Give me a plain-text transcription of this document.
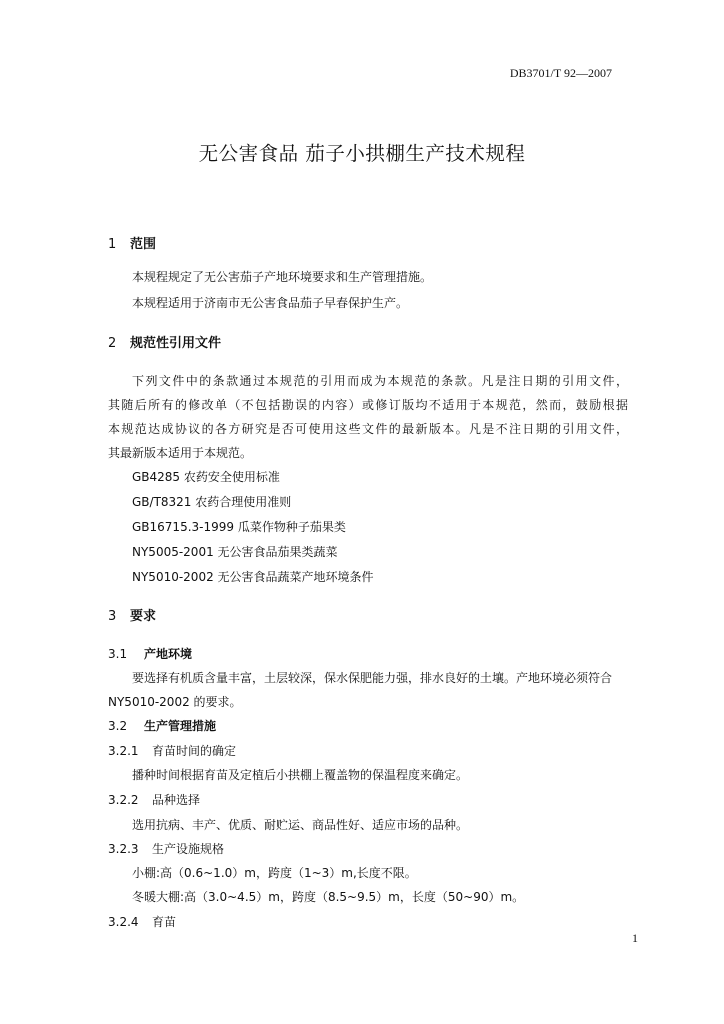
DB3701/T 92—2007
无公害食品 茄子小拱棚生产技术规程
1 范围
本规程规定了无公害茄子产地环境要求和生产管理措施。
本规程适用于济南市无公害食品茄子早春保护生产。
2 规范性引用文件
下列文件中的条款通过本规范的引用而成为本规范的条款。凡是注日期的引用文件，
其随后所有的修改单（不包括勘误的内容）或修订版均不适用于本规范，然而，鼓励根据
本规范达成协议的各方研究是否可使用这些文件的最新版本。凡是不注日期的引用文件，
其最新版本适用于本规范。
GB4285 农药安全使用标准
GB/T8321 农药合理使用准则
GB16715.3-1999 瓜菜作物种子茄果类
NY5005-2001 无公害食品茄果类蔬菜
NY5010-2002 无公害食品蔬菜产地环境条件
3 要求
3.1 产地环境
要选择有机质含量丰富，土层较深，保水保肥能力强，排水良好的土壤。产地环境必须符合
NY5010-2002 的要求。
3.2 生产管理措施
3.2.1 育苗时间的确定
播种时间根据育苗及定植后小拱棚上覆盖物的保温程度来确定。
3.2.2 品种选择
选用抗病、丰产、优质、耐贮运、商品性好、适应市场的品种。
3.2.3 生产设施规格
小棚:高（0.6~1.0）m，跨度（1~3）m,长度不限。
冬暖大棚:高（3.0~4.5）m，跨度（8.5~9.5）m，长度（50~90）m。
3.2.4 育苗
1
